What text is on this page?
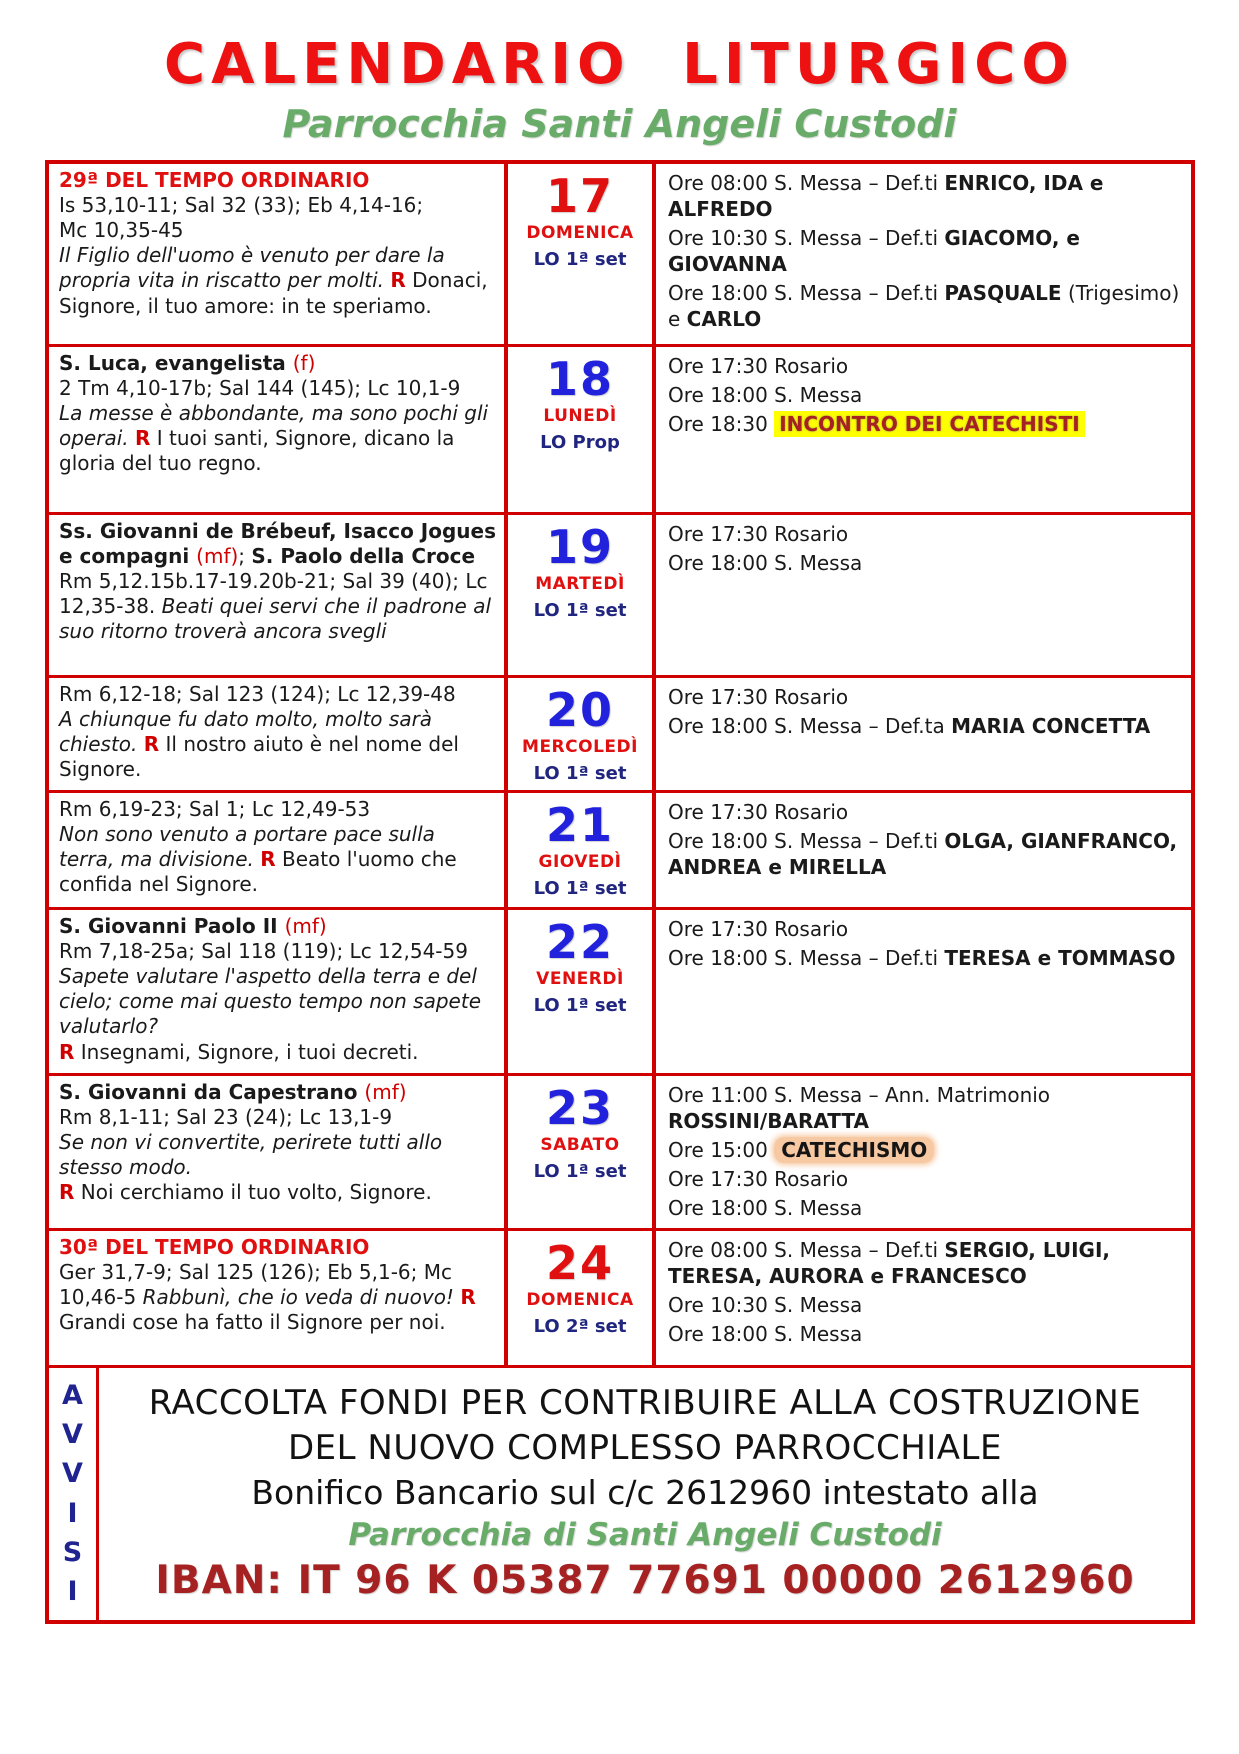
CALENDARIO LITURGICO
Parrocchia Santi Angeli Custodi
29ª DEL TEMPO ORDINARIO
Is 53,10-11; Sal 32 (33); Eb 4,14-16;
Mc 10,35-45
Il Figlio dell'uomo è venuto per dare la propria vita in riscatto per molti. R Donaci, Signore, il tuo amore: in te speriamo.
17
DOMENICA
LO 1ª set
Ore 08:00 S. Messa – Def.ti ENRICO, IDA e ALFREDO
Ore 10:30 S. Messa – Def.ti GIACOMO, e GIOVANNA
Ore 18:00 S. Messa – Def.ti PASQUALE (Trigesimo) e CARLO
S. Luca, evangelista (f)
2 Tm 4,10-17b; Sal 144 (145); Lc 10,1-9
La messe è abbondante, ma sono pochi gli operai. R I tuoi santi, Signore, dicano la gloria del tuo regno.
18
LUNEDÌ
LO Prop
Ore 17:30 Rosario
Ore 18:00 S. Messa
Ore 18:30 INCONTRO DEI CATECHISTI
Ss. Giovanni de Brébeuf, Isacco Jogues e compagni (mf); S. Paolo della Croce
Rm 5,12.15b.17-19.20b-21; Sal 39 (40); Lc 12,35-38. Beati quei servi che il padrone al suo ritorno troverà ancora svegli
19
MARTEDÌ
LO 1ª set
Ore 17:30 Rosario
Ore 18:00 S. Messa
Rm 6,12-18; Sal 123 (124); Lc 12,39-48
A chiunque fu dato molto, molto sarà chiesto. R Il nostro aiuto è nel nome del Signore.
20
MERCOLEDÌ
LO 1ª set
Ore 17:30 Rosario
Ore 18:00 S. Messa – Def.ta MARIA CONCETTA
Rm 6,19-23; Sal 1; Lc 12,49-53
Non sono venuto a portare pace sulla terra, ma divisione. R Beato l'uomo che confida nel Signore.
21
GIOVEDÌ
LO 1ª set
Ore 17:30 Rosario
Ore 18:00 S. Messa – Def.ti OLGA, GIANFRANCO, ANDREA e MIRELLA
S. Giovanni Paolo II (mf)
Rm 7,18-25a; Sal 118 (119); Lc 12,54-59 Sapete valutare l'aspetto della terra e del cielo; come mai questo tempo non sapete valutarlo?
R Insegnami, Signore, i tuoi decreti.
22
VENERDÌ
LO 1ª set
Ore 17:30 Rosario
Ore 18:00 S. Messa – Def.ti TERESA e TOMMASO
S. Giovanni da Capestrano (mf)
Rm 8,1-11; Sal 23 (24); Lc 13,1-9
Se non vi convertite, perirete tutti allo stesso modo.
R Noi cerchiamo il tuo volto, Signore.
23
SABATO
LO 1ª set
Ore 11:00 S. Messa – Ann. Matrimonio ROSSINI/BARATTA
Ore 15:00 CATECHISMO
Ore 17:30 Rosario
Ore 18:00 S. Messa
30ª DEL TEMPO ORDINARIO
Ger 31,7-9; Sal 125 (126); Eb 5,1-6; Mc 10,46-5 Rabbunì, che io veda di nuovo! R Grandi cose ha fatto il Signore per noi.
24
DOMENICA
LO 2ª set
Ore 08:00 S. Messa – Def.ti SERGIO, LUIGI, TERESA, AURORA e FRANCESCO
Ore 10:30 S. Messa
Ore 18:00 S. Messa
A
V
V
I
S
I
RACCOLTA FONDI PER CONTRIBUIRE ALLA COSTRUZIONE
DEL NUOVO COMPLESSO PARROCCHIALE
Bonifico Bancario sul c/c 2612960 intestato alla
Parrocchia di Santi Angeli Custodi
IBAN: IT 96 K 05387 77691 00000 2612960
